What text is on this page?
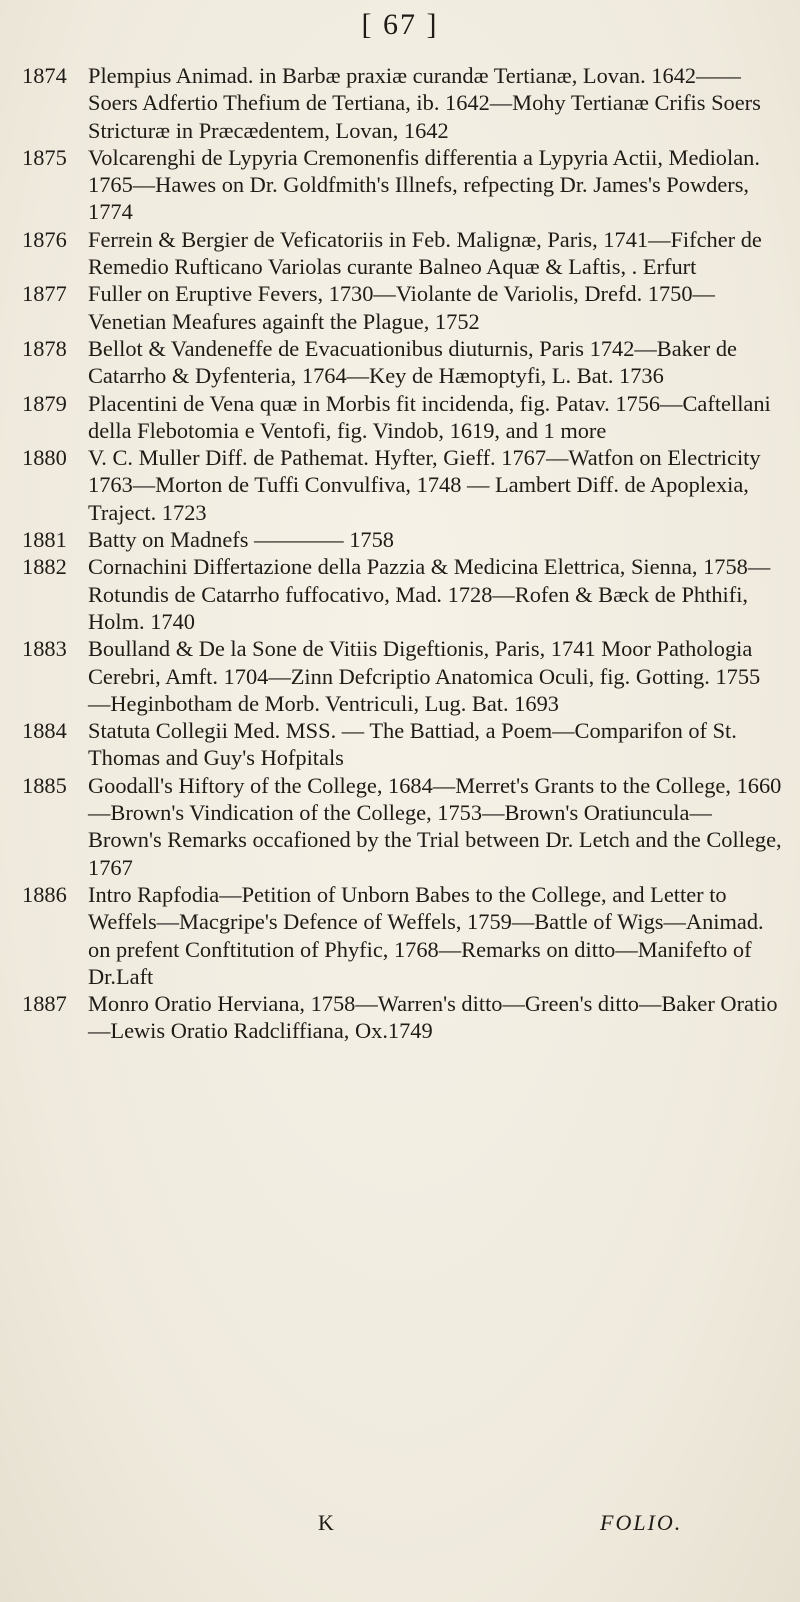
[ 67 ]
1874 Plempius Animad. in Barbæ praxiæ curandæ Tertianæ, Lovan. 1642——Soers Adfertio Thefium de Tertiana, ib. 1642—Mohy Tertianæ Crifis Soers Stricturæ in Præcædentem, Lovan, 1642
1875 Volcarenghi de Lypyria Cremonenfis differentia a Lypyria Actii, Mediolan. 1765—Hawes on Dr. Goldfmith's Illnefs, refpecting Dr. James's Powders, 1774
1876 Ferrein & Bergier de Veficatoriis in Feb. Malignæ, Paris, 1741—Fifcher de Remedio Rufticano Variolas curante Balneo Aquæ & Laftis, . Erfurt
1877 Fuller on Eruptive Fevers, 1730—Violante de Variolis, Drefd. 1750—Venetian Meafures againft the Plague, 1752
1878 Bellot & Vandeneffe de Evacuationibus diuturnis, Paris 1742—Baker de Catarrho & Dyfenteria, 1764—Key de Hæmoptyfi, L. Bat. 1736
1879 Placentini de Vena quæ in Morbis fit incidenda, fig. Patav. 1756—Caftellani della Flebotomia e Ventofi, fig. Vindob, 1619, and 1 more
1880 V. C. Muller Diff. de Pathemat. Hyfter, Gieff. 1767—Watfon on Electricity 1763—Morton de Tuffi Convulfiva, 1748 — Lambert Diff. de Apoplexia, Traject. 1723
1881 Batty on Madnefs ———— 1758
1882 Cornachini Differtazione della Pazzia & Medicina Elettrica, Sienna, 1758—Rotundis de Catarrho fuffocativo, Mad. 1728—Rofen & Bæck de Phthifi, Holm. 1740
1883 Boulland & De la Sone de Vitiis Digeftionis, Paris, 1741 Moor Pathologia Cerebri, Amft. 1704—Zinn Defcriptio Anatomica Oculi, fig. Gotting. 1755—Heginbotham de Morb. Ventriculi, Lug. Bat. 1693
1884 Statuta Collegii Med. MSS. — The Battiad, a Poem—Comparifon of St. Thomas and Guy's Hofpitals
1885 Goodall's Hiftory of the College, 1684—Merret's Grants to the College, 1660—Brown's Vindication of the College, 1753—Brown's Oratiuncula—Brown's Remarks occafioned by the Trial between Dr. Letch and the College, 1767
1886 Intro Rapfodia—Petition of Unborn Babes to the College, and Letter to Weffels—Macgripe's Defence of Weffels, 1759—Battle of Wigs—Animad. on prefent Conftitution of Phyfic, 1768—Remarks on ditto—Manifefto of Dr.Laft
1887 Monro Oratio Herviana, 1758—Warren's ditto—Green's ditto—Baker Oratio—Lewis Oratio Radcliffiana, Ox.1749
K	FOLIO.
